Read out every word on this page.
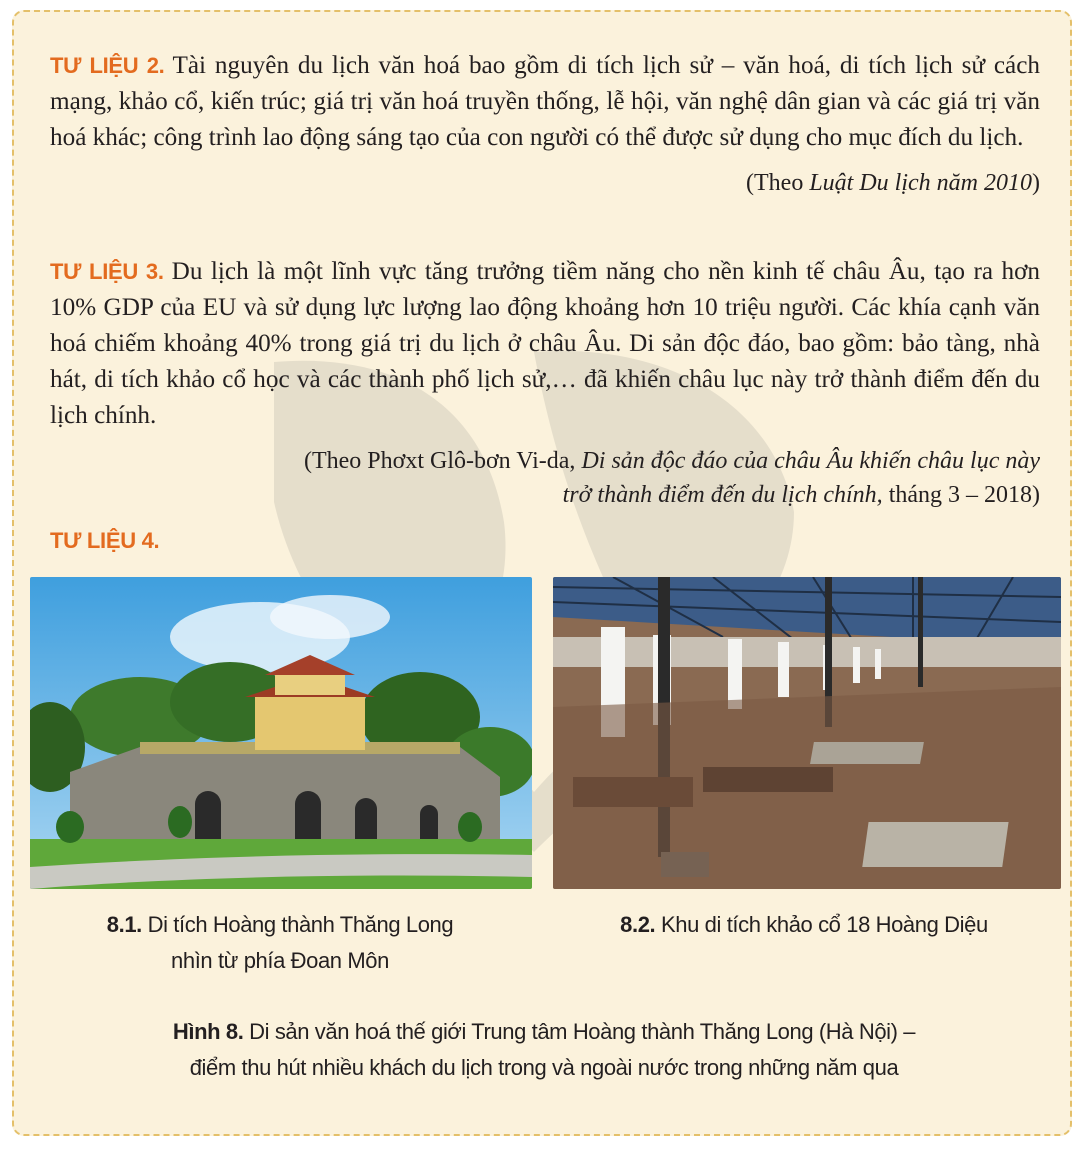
TƯ LIỆU 2. Tài nguyên du lịch văn hoá bao gồm di tích lịch sử – văn hoá, di tích lịch sử cách mạng, khảo cổ, kiến trúc; giá trị văn hoá truyền thống, lễ hội, văn nghệ dân gian và các giá trị văn hoá khác; công trình lao động sáng tạo của con người có thể được sử dụng cho mục đích du lịch.

(Theo Luật Du lịch năm 2010)

TƯ LIỆU 3. Du lịch là một lĩnh vực tăng trưởng tiềm năng cho nền kinh tế châu Âu, tạo ra hơn 10% GDP của EU và sử dụng lực lượng lao động khoảng hơn 10 triệu người. Các khía cạnh văn hoá chiếm khoảng 40% trong giá trị du lịch ở châu Âu. Di sản độc đáo, bao gồm: bảo tàng, nhà hát, di tích khảo cổ học và các thành phố lịch sử,… đã khiến châu lục này trở thành điểm đến du lịch chính.

(Theo Phơxt Glô-bơn Vi-da, Di sản độc đáo của châu Âu khiến châu lục này
trở thành điểm đến du lịch chính, tháng 3 – 2018)

TƯ LIỆU 4.
8.1. Di tích Hoàng thành Thăng Long
nhìn từ phía Đoan Môn
8.2. Khu di tích khảo cổ 18 Hoàng Diệu
Hình 8. Di sản văn hoá thế giới Trung tâm Hoàng thành Thăng Long (Hà Nội) –
điểm thu hút nhiều khách du lịch trong và ngoài nước trong những năm qua
